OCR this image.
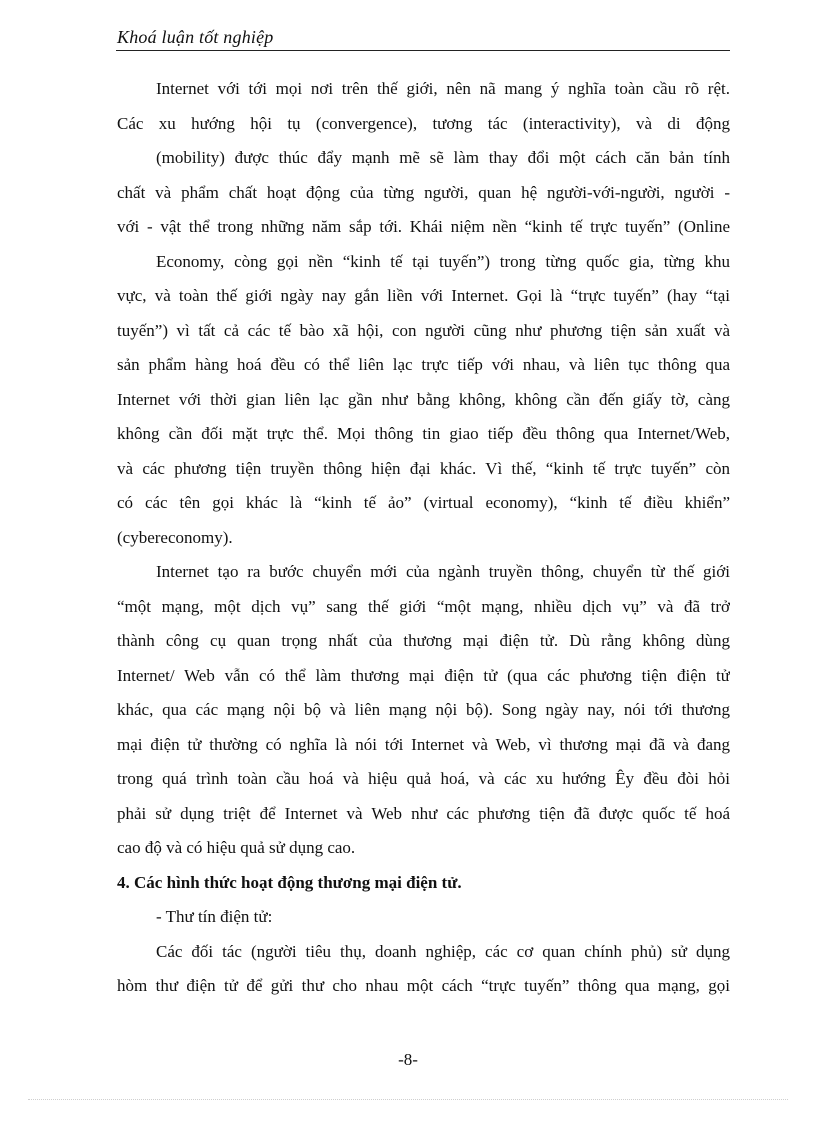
Khoá luận tốt nghiệp
Internet với tới mọi nơi trên thế giới, nên nã mang ý nghĩa toàn cầu rõ rệt.
Các xu hướng hội tụ (convergence), tương tác (interactivity), và di động
(mobility) được thúc đẩy mạnh mẽ sẽ làm thay đổi một cách căn bản tính
chất và phẩm chất hoạt động của từng người, quan hệ người-với-người, người -
với - vật thể trong những năm sắp tới. Khái niệm nền “kinh tế trực tuyến” (Online
Economy, còng gọi nền “kinh tế tại tuyến”) trong từng quốc gia, từng khu
vực, và toàn thế giới ngày nay gắn liền với Internet. Gọi là “trực tuyến” (hay “tại
tuyến”) vì tất cả các tế bào xã hội, con người cũng như phương tiện sản xuất và
sản phẩm hàng hoá đều có thể liên lạc trực tiếp với nhau, và liên tục thông qua
Internet với thời gian liên lạc gần như bằng không, không cần đến giấy tờ, càng
không cần đối mặt trực thể. Mọi thông tin giao tiếp đều thông qua Internet/Web,
và các phương tiện truyền thông hiện đại khác. Vì thế, “kinh tế trực tuyến” còn
có các tên gọi khác là “kinh tế ảo” (virtual economy), “kinh tế điều khiển”
(cybereconomy).
Internet tạo ra bước chuyển mới của ngành truyền thông, chuyển từ thế giới
“một mạng, một dịch vụ” sang thế giới “một mạng, nhiều dịch vụ” và đã trở
thành công cụ quan trọng nhất của thương mại điện tử. Dù rằng không dùng
Internet/ Web vẫn có thể làm thương mại điện tử (qua các phương tiện điện tử
khác, qua các mạng nội bộ và liên mạng nội bộ). Song ngày nay, nói tới thương
mại điện tử thường có nghĩa là nói tới Internet và Web, vì thương mại đã và đang
trong quá trình toàn cầu hoá và hiệu quả hoá, và các xu hướng Êy đều đòi hỏi
phải sử dụng triệt để Internet và Web như các phương tiện đã được quốc tế hoá
cao độ và có hiệu quả sử dụng cao.
4. Các hình thức hoạt động thương mại điện tử.
- Thư tín điện tử:
Các đối tác (người tiêu thụ, doanh nghiệp, các cơ quan chính phủ) sử dụng
hòm thư điện tử để gửi thư cho nhau một cách “trực tuyến” thông qua mạng, gọi
-8-
